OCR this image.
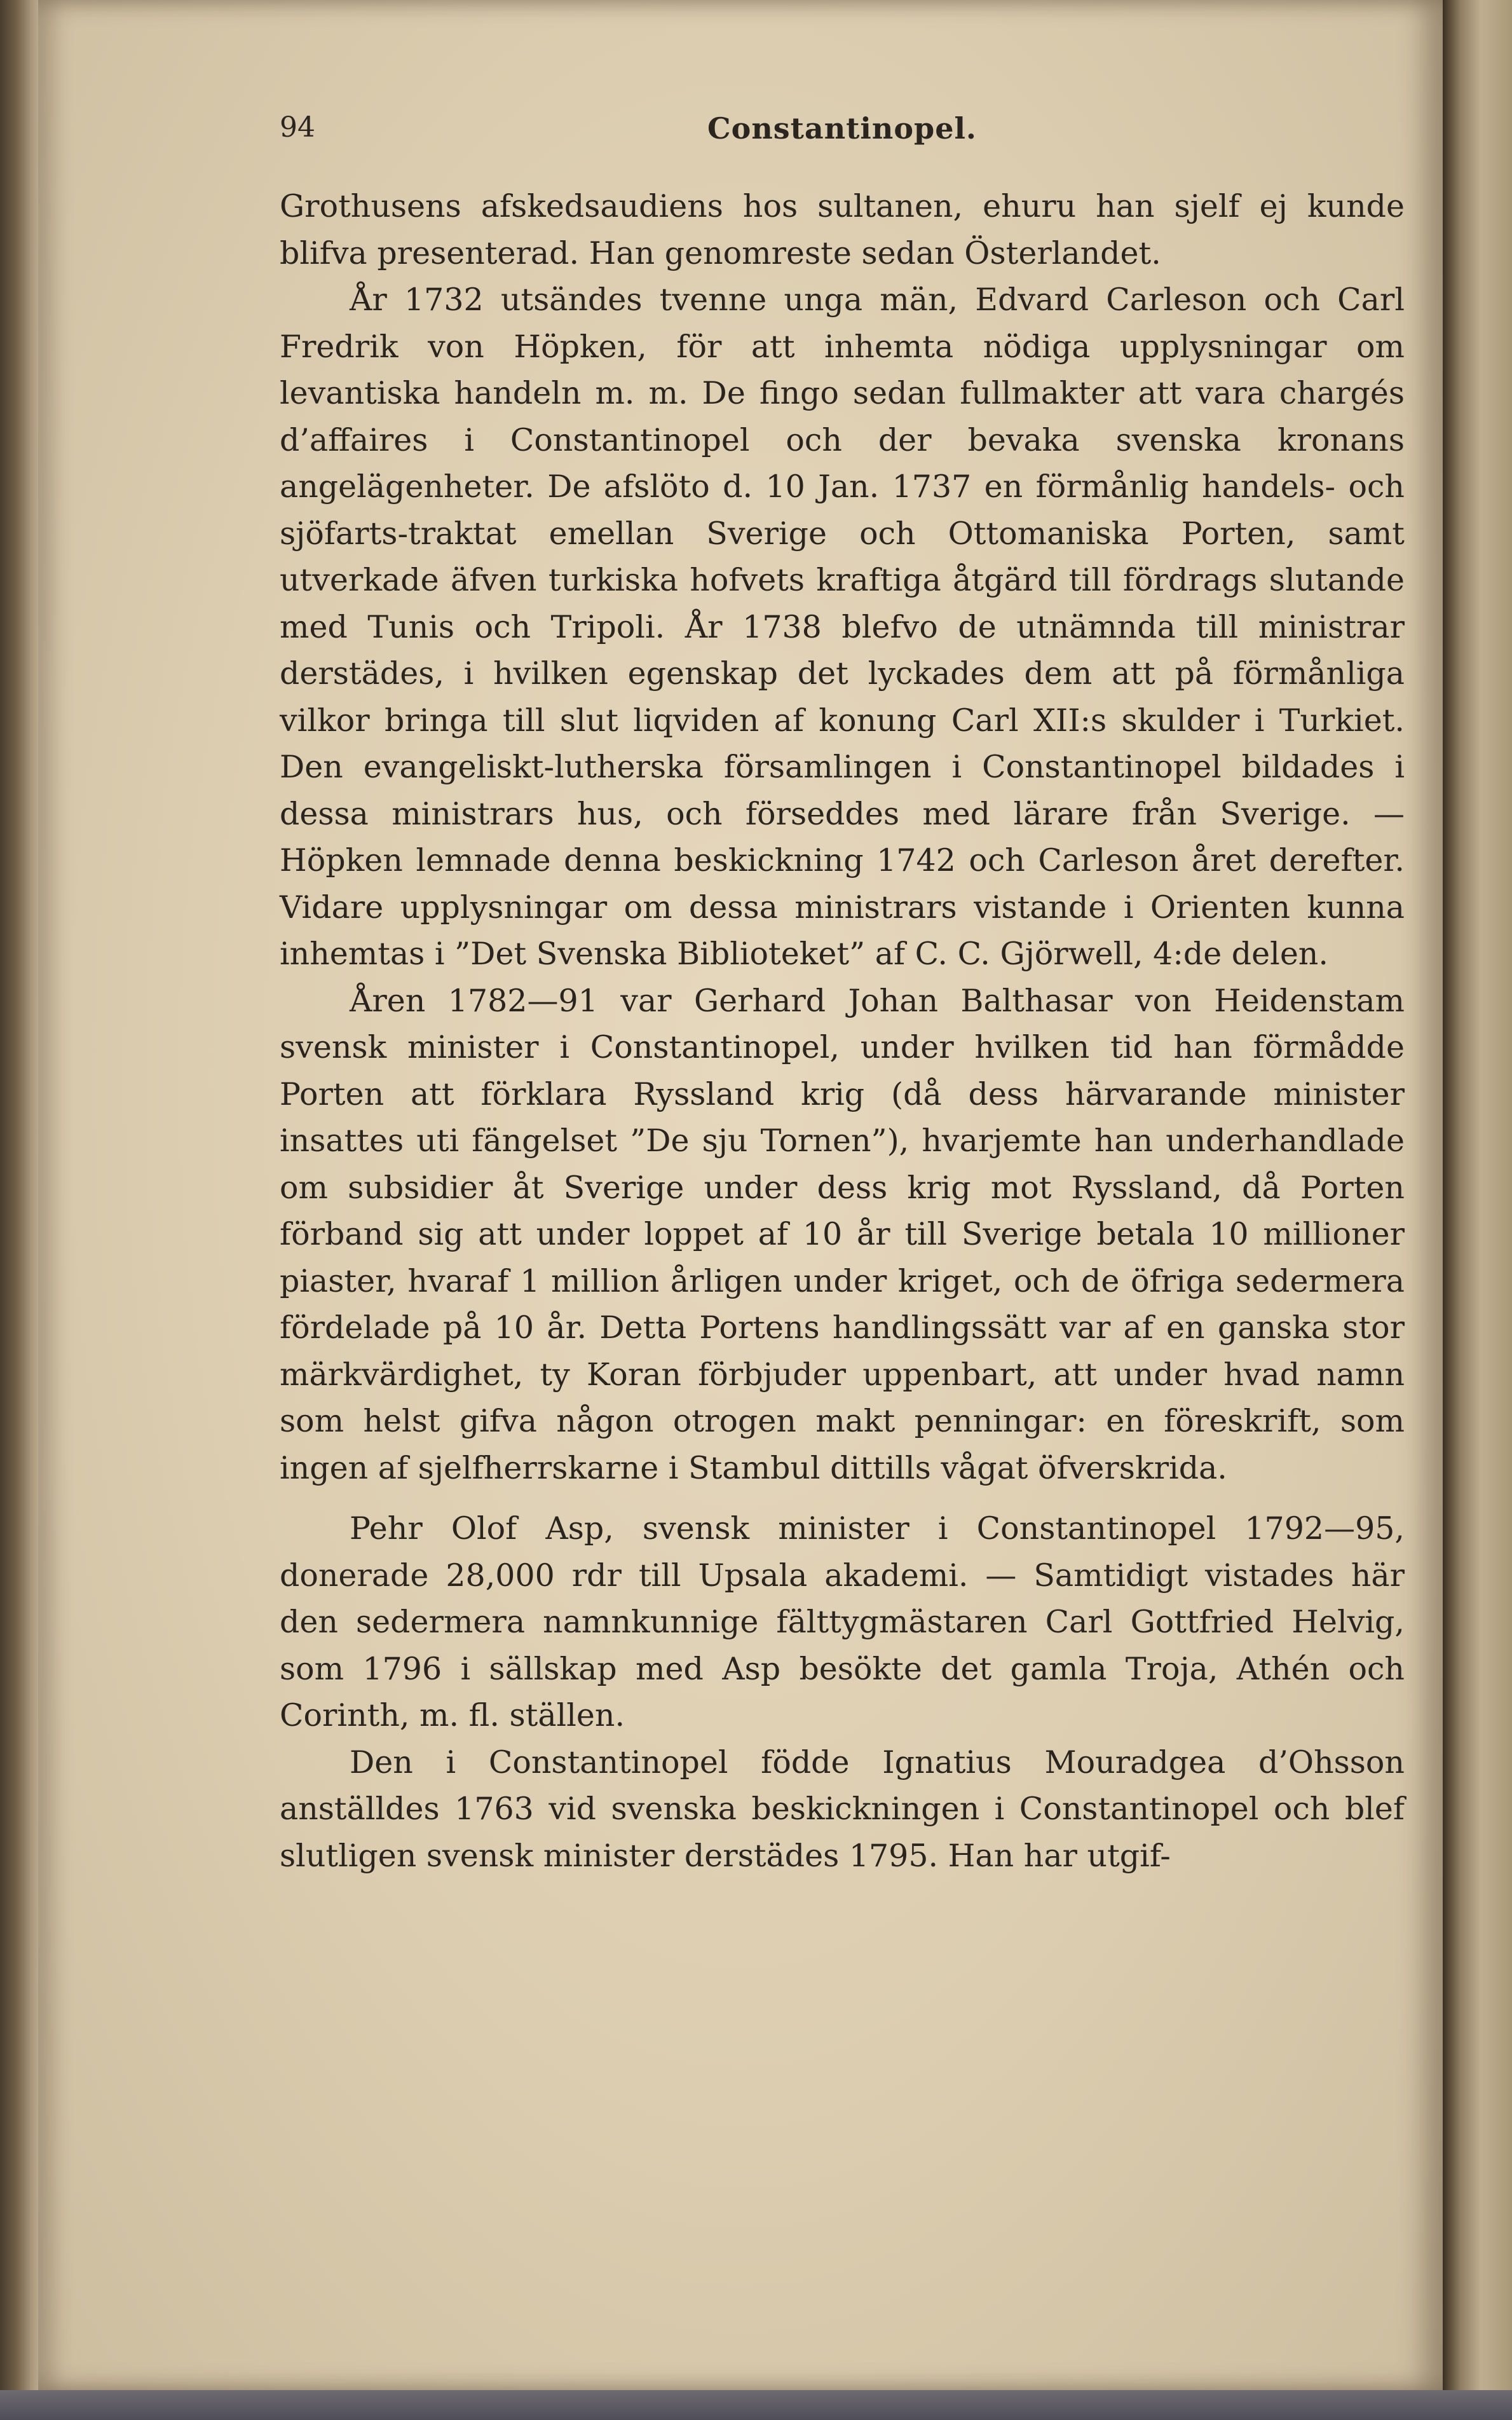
94	Constantinopel.

Grothusens afskedsaudiens hos sultanen, ehuru han sjelf ej kunde blifva presenterad. Han genomreste sedan Österlandet.

År 1732 utsändes tvenne unga män, Edvard Carleson och Carl Fredrik von Höpken, för att inhemta nödiga upplysningar om levantiska handeln m. m. De fingo sedan fullmakter att vara chargés d’affaires i Constantinopel och der bevaka svenska kronans angelägenheter. De afslöto d. 10 Jan. 1737 en förmånlig handels- och sjöfarts-traktat emellan Sverige och Ottomaniska Porten, samt utverkade äfven turkiska hofvets kraftiga åtgärd till fördrags slutande med Tunis och Tripoli. År 1738 blefvo de utnämnda till ministrar derstädes, i hvilken egenskap det lyckades dem att på förmånliga vilkor bringa till slut liqviden af konung Carl XII:s skulder i Turkiet. Den evangeliskt-lutherska församlingen i Constantinopel bildades i dessa ministrars hus, och förseddes med lärare från Sverige. — Höpken lemnade denna beskickning 1742 och Carleson året derefter. Vidare upplysningar om dessa ministrars vistande i Orienten kunna inhemtas i ”Det Svenska Biblioteket” af C. C. Gjörwell, 4:de delen.

Åren 1782—91 var Gerhard Johan Balthasar von Heidenstam svensk minister i Constantinopel, under hvilken tid han förmådde Porten att förklara Ryssland krig (då dess härvarande minister insattes uti fängelset ”De sju Tornen”), hvarjemte han underhandlade om subsidier åt Sverige under dess krig mot Ryssland, då Porten förband sig att under loppet af 10 år till Sverige betala 10 millioner piaster, hvaraf 1 million årligen under kriget, och de öfriga sedermera fördelade på 10 år. Detta Portens handlingssätt var af en ganska stor märkvärdighet, ty Koran förbjuder uppenbart, att under hvad namn som helst gifva någon otrogen makt penningar: en föreskrift, som ingen af sjelfherrskarne i Stambul dittills vågat öfverskrida.

Pehr Olof Asp, svensk minister i Constantinopel 1792—95, donerade 28,000 rdr till Upsala akademi. — Samtidigt vistades här den sedermera namnkunnige fälttygmästaren Carl Gottfried Helvig, som 1796 i sällskap med Asp besökte det gamla Troja, Athén och Corinth, m. fl. ställen.

Den i Constantinopel födde Ignatius Mouradgea d’Ohsson anställdes 1763 vid svenska beskickningen i Constantinopel och blef slutligen svensk minister derstädes 1795. Han har utgif-
